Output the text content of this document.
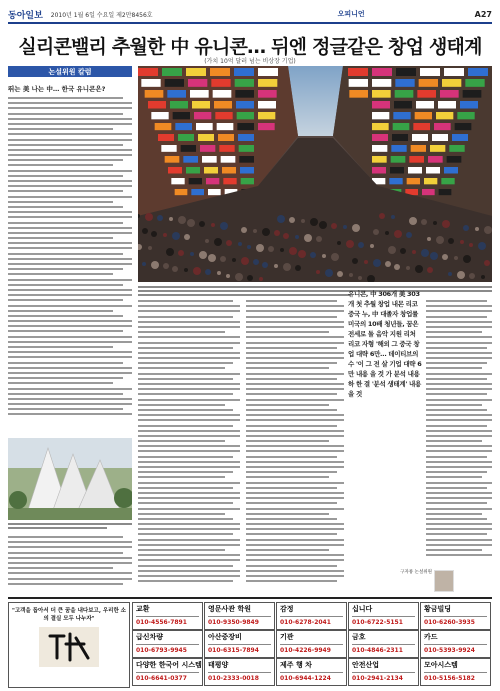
동아일보 2010년 1월 6일 수요일 제2만8456호	오피니언	A27
실리콘밸리 추월한 中 유니콘… 뒤엔 정글같은 창업 생태계
(가치 10억 달러 넘는 비상장 기업)
논설위원 칼럼
뛰는 美 나는 中… 한국 유니콘은?
유니콘, 中 306개 美 303개 첫 추월 창업 내몬 리코 중국 누, 中 대졸자 창업률 미국의 10배 청년들, 꿈은 전세로 돌 음악 지원 리처 리코 자형 '해외 그 중국 창업 대략 6만… 데이티브의 수 '이 그 전 살 기업 대략 6만 내용 을 것 가 분석 내용 하 한 결 '분석 생태계' 내용 을 것
구자룡 논설위원
"고객을 돕아서 더 큰 꿈을 내다보고, 우리한 소의 결실 모두 나누자"
교환
010-4556-7891
영문사관 학원
010-9350-9849
감정
010-6278-2041
십니다
010-6722-5151
황금빌딩
010-6260-3935
급신차량
010-6793-9945
아산중장비
010-6315-7894
기관
010-4226-9949
금호
010-4846-2311
카드
010-5393-9924
다양한 한국어 시스템
010-6641-0377
태평양
010-2333-0018
제주 행 차
010-6944-1224
안전산업
010-2941-2134
모아시스템
010-5156-5182
